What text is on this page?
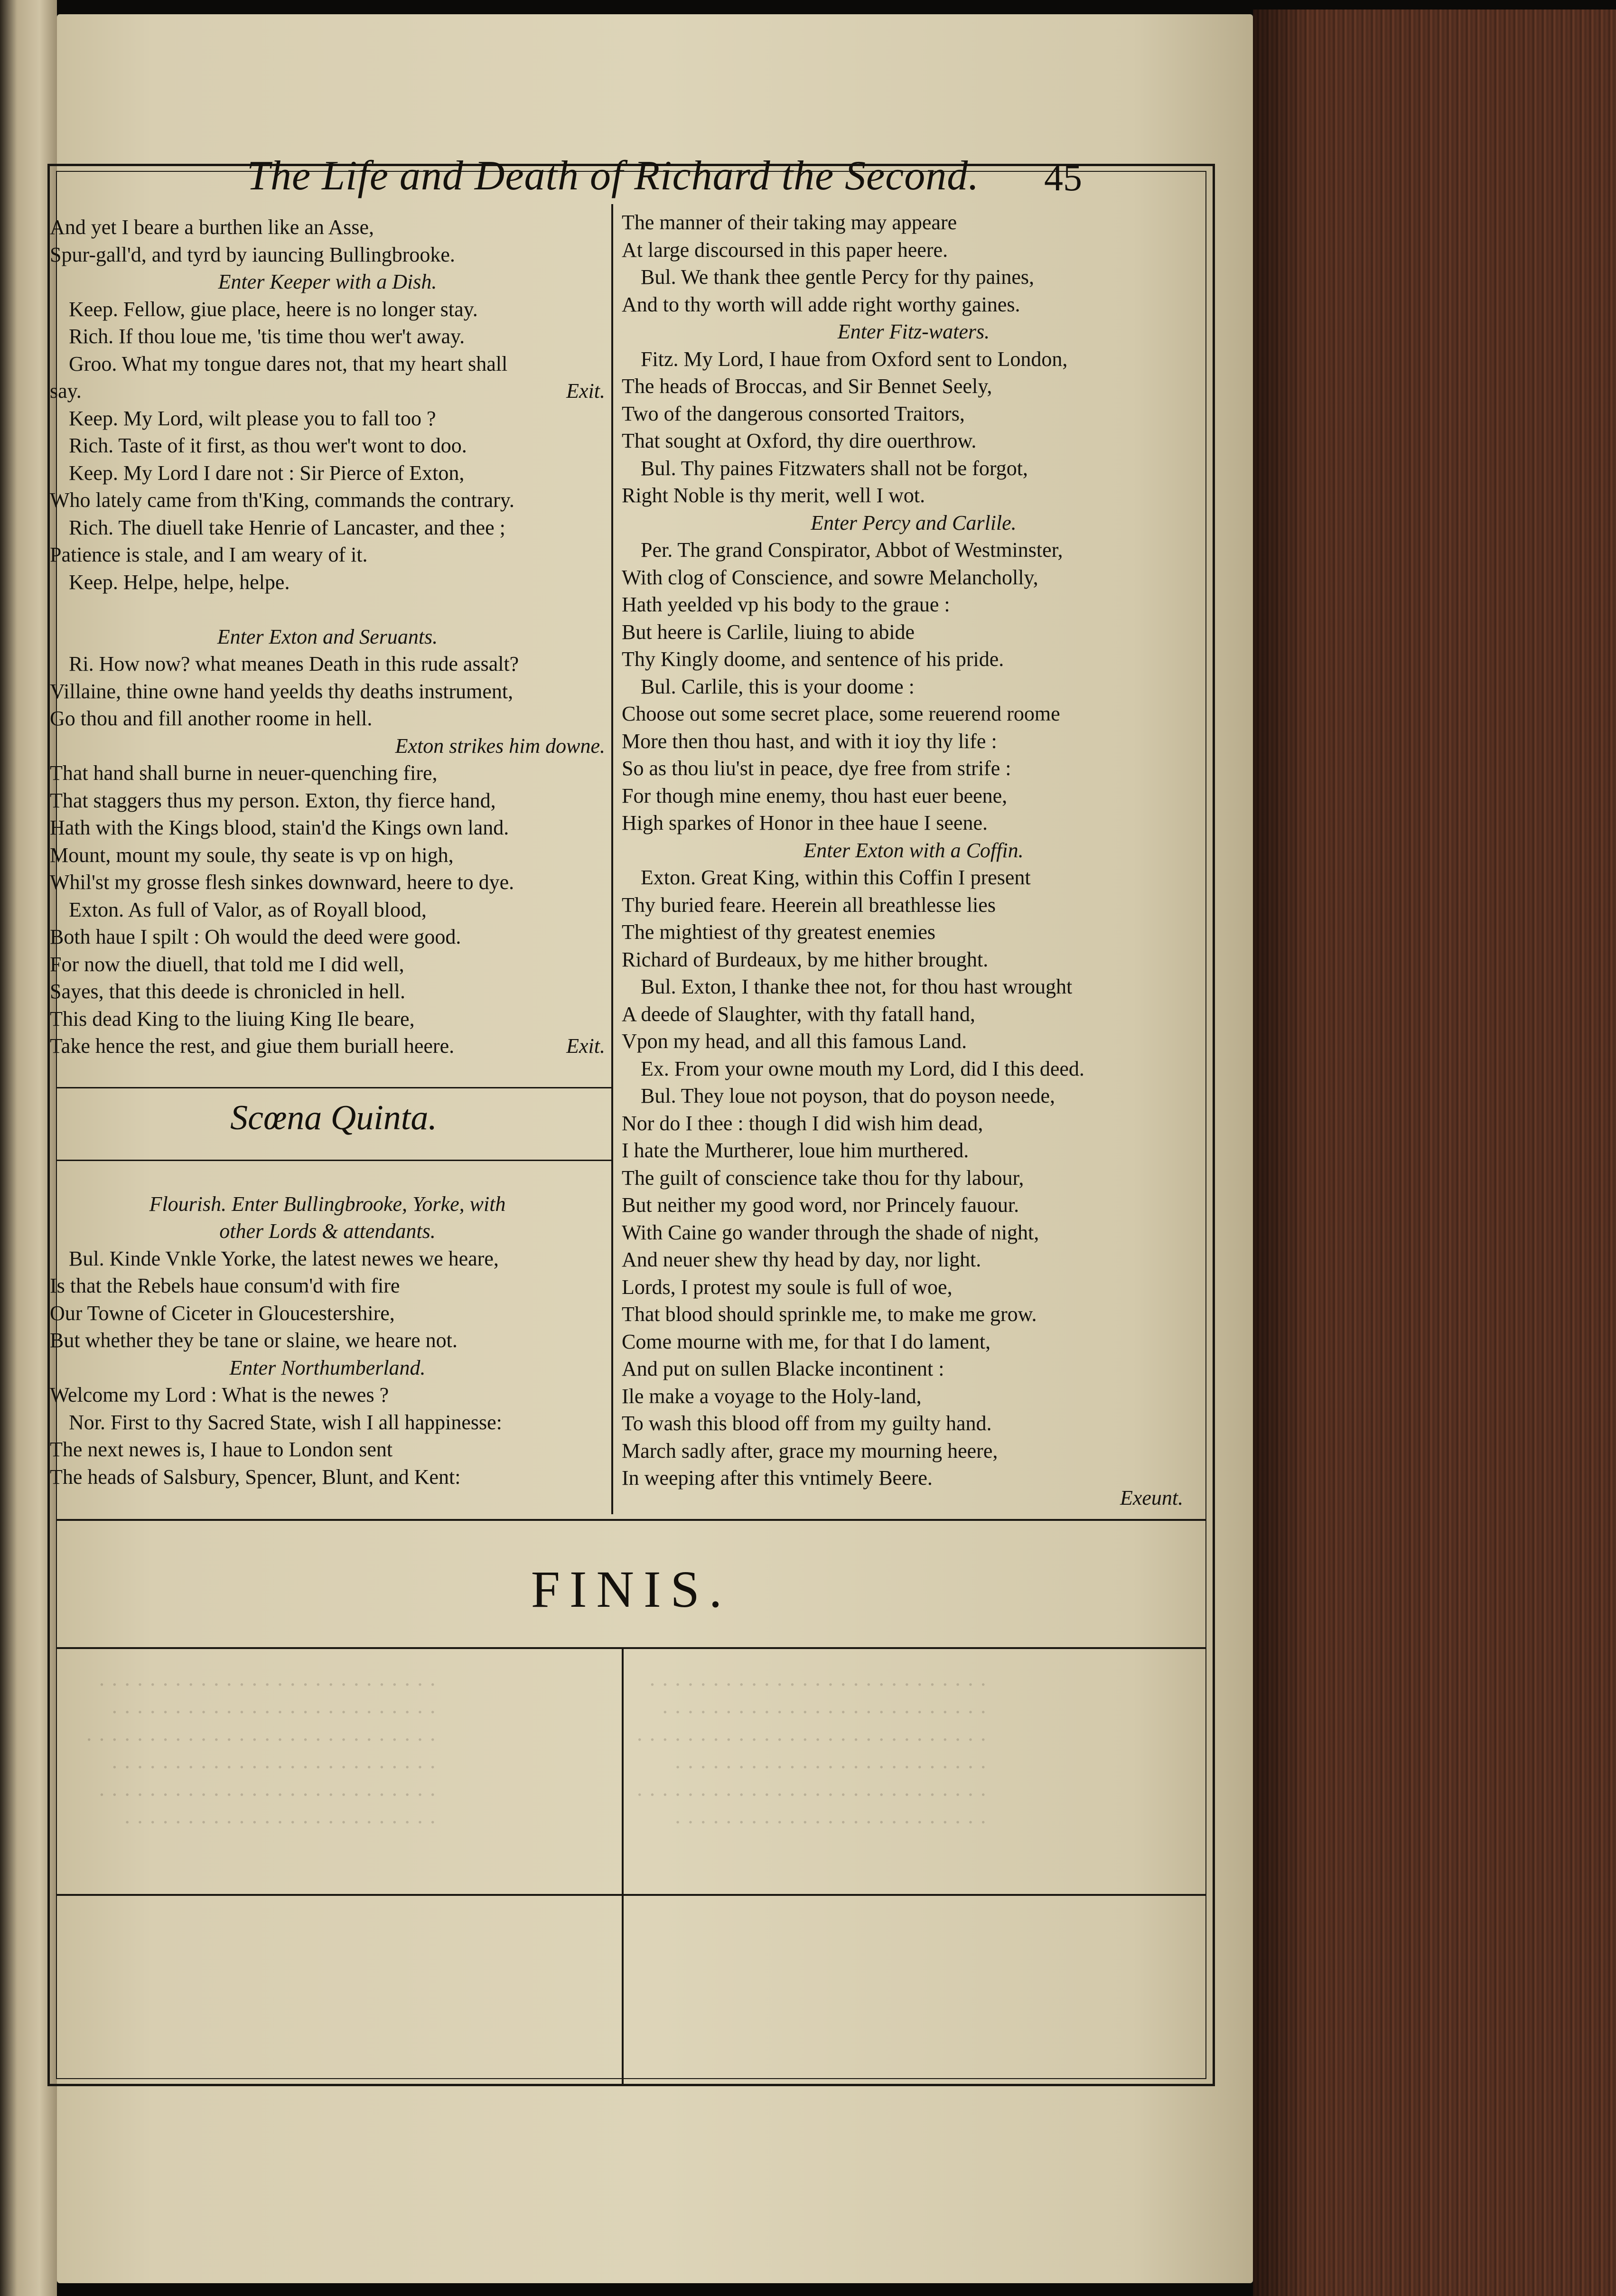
The Life and Death of Richard the Second. 45
And yet I beare a burthen like an Asse,
Spur-gall'd, and tyrd by iauncing Bullingbrooke.
Enter Keeper with a Dish.
Keep. Fellow, giue place, heere is no longer stay.
Rich. If thou loue me, 'tis time thou wer't away.
Groo. What my tongue dares not, that my heart shall
say.	Exit.
Keep. My Lord, wilt please you to fall too ?
Rich. Taste of it first, as thou wer't wont to doo.
Keep. My Lord I dare not : Sir Pierce of Exton,
Who lately came from th'King, commands the contrary.
Rich. The diuell take Henrie of Lancaster, and thee ;
Patience is stale, and I am weary of it.
Keep. Helpe, helpe, helpe.
Enter Exton and Seruants.
Ri. How now? what meanes Death in this rude assalt?
Villaine, thine owne hand yeelds thy deaths instrument,
Go thou and fill another roome in hell.
Exton strikes him downe.
That hand shall burne in neuer-quenching fire,
That staggers thus my person. Exton, thy fierce hand,
Hath with the Kings blood, stain'd the Kings own land.
Mount, mount my soule, thy seate is vp on high,
Whil'st my grosse flesh sinkes downward, heere to dye.
Exton. As full of Valor, as of Royall blood,
Both haue I spilt : Oh would the deed were good.
For now the diuell, that told me I did well,
Sayes, that this deede is chronicled in hell.
This dead King to the liuing King Ile beare,
Take hence the rest, and giue them buriall heere.	Exit.
Scœna Quinta.
Flourish. Enter Bullingbrooke, Yorke, with
other Lords & attendants.
Bul. Kinde Vnkle Yorke, the latest newes we heare,
Is that the Rebels haue consum'd with fire
Our Towne of Ciceter in Gloucestershire,
But whether they be tane or slaine, we heare not.
Enter Northumberland.
Welcome my Lord : What is the newes ?
Nor. First to thy Sacred State, wish I all happinesse:
The next newes is, I haue to London sent
The heads of Salsbury, Spencer, Blunt, and Kent:
The manner of their taking may appeare
At large discoursed in this paper heere.
Bul. We thank thee gentle Percy for thy paines,
And to thy worth will adde right worthy gaines.
Enter Fitz-waters.
Fitz. My Lord, I haue from Oxford sent to London,
The heads of Broccas, and Sir Bennet Seely,
Two of the dangerous consorted Traitors,
That sought at Oxford, thy dire ouerthrow.
Bul. Thy paines Fitzwaters shall not be forgot,
Right Noble is thy merit, well I wot.
Enter Percy and Carlile.
Per. The grand Conspirator, Abbot of Westminster,
With clog of Conscience, and sowre Melancholly,
Hath yeelded vp his body to the graue :
But heere is Carlile, liuing to abide
Thy Kingly doome, and sentence of his pride.
Bul. Carlile, this is your doome :
Choose out some secret place, some reuerend roome
More then thou hast, and with it ioy thy life :
So as thou liu'st in peace, dye free from strife :
For though mine enemy, thou hast euer beene,
High sparkes of Honor in thee haue I seene.
Enter Exton with a Coffin.
Exton. Great King, within this Coffin I present
Thy buried feare. Heerein all breathlesse lies
The mightiest of thy greatest enemies
Richard of Burdeaux, by me hither brought.
Bul. Exton, I thanke thee not, for thou hast wrought
A deede of Slaughter, with thy fatall hand,
Vpon my head, and all this famous Land.
Ex. From your owne mouth my Lord, did I this deed.
Bul. They loue not poyson, that do poyson neede,
Nor do I thee : though I did wish him dead,
I hate the Murtherer, loue him murthered.
The guilt of conscience take thou for thy labour,
But neither my good word, nor Princely fauour.
With Caine go wander through the shade of night,
And neuer shew thy head by day, nor light.
Lords, I protest my soule is full of woe,
That blood should sprinkle me, to make me grow.
Come mourne with me, for that I do lament,
And put on sullen Blacke incontinent :
Ile make a voyage to the Holy-land,
To wash this blood off from my guilty hand.
March sadly after, grace my mourning heere,
In weeping after this vntimely Beere.
Exeunt.
FINIS.
· · · · · · · · · · · · · · · · · · · · · · · · · · ·
· · · · · · · · · · · · · · · · · · · · · · · · · ·
· · · · · · · · · · · · · · · · · · · · · · · · · · · ·
· · · · · · · · · · · · · · · · · · · · · · · · ·
· · · · · · · · · · · · · · · · · · · · · · · · · · · ·
· · · · · · · · · · · · · · · · · · · · · · · · ·
· · · · · · · · · · · · · · · · · · · · · · · · · · ·
· · · · · · · · · · · · · · · · · · · · · · · · · ·
· · · · · · · · · · · · · · · · · · · · · · · · · · · ·
· · · · · · · · · · · · · · · · · · · · · · · · · ·
· · · · · · · · · · · · · · · · · · · · · · · · · · ·
· · · · · · · · · · · · · · · · · · · · · · · · ·
